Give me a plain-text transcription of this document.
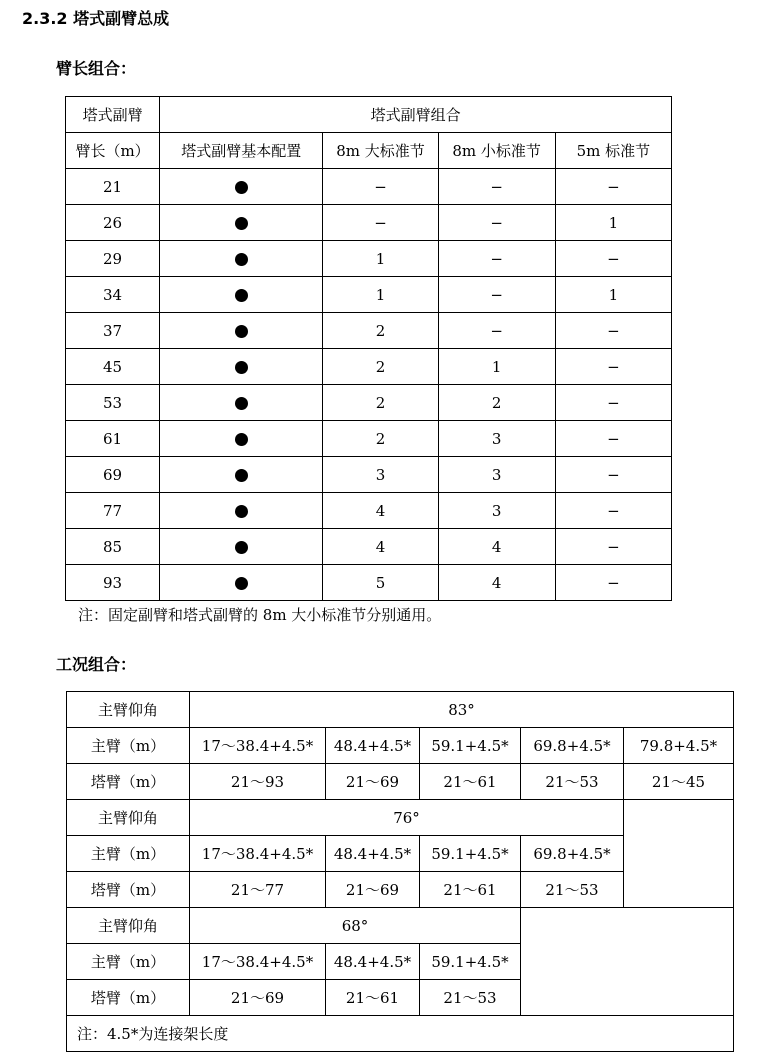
2.3.2 塔式副臂总成
臂长组合：
塔式副臂	塔式副臂组合			
臂长（m）	塔式副臂基本配置	8m 大标准节	8m 小标准节	5m 标准节
21		−	−	−
26		−	−	1
29		1	−	−
34		1	−	1
37		2	−	−
45		2	1	−
53		2	2	−
61		2	3	−
69		3	3	−
77		4	3	−
85		4	4	−
93		5	4	−
注：固定副臂和塔式副臂的 8m 大小标准节分别通用。
工况组合：
主臂仰角	83°				
主臂（m）	17～38.4+4.5*	48.4+4.5*	59.1+4.5*	69.8+4.5*	79.8+4.5*
塔臂（m）	21～93	21～69	21～61	21～53	21～45
主臂仰角	76°				
主臂（m）	17～38.4+4.5*	48.4+4.5*	59.1+4.5*	69.8+4.5*	
塔臂（m）	21～77	21～69	21～61	21～53	
主臂仰角	68°				
主臂（m）	17～38.4+4.5*	48.4+4.5*	59.1+4.5*		
塔臂（m）	21～69	21～61	21～53		
注：4.5*为连接架长度					
